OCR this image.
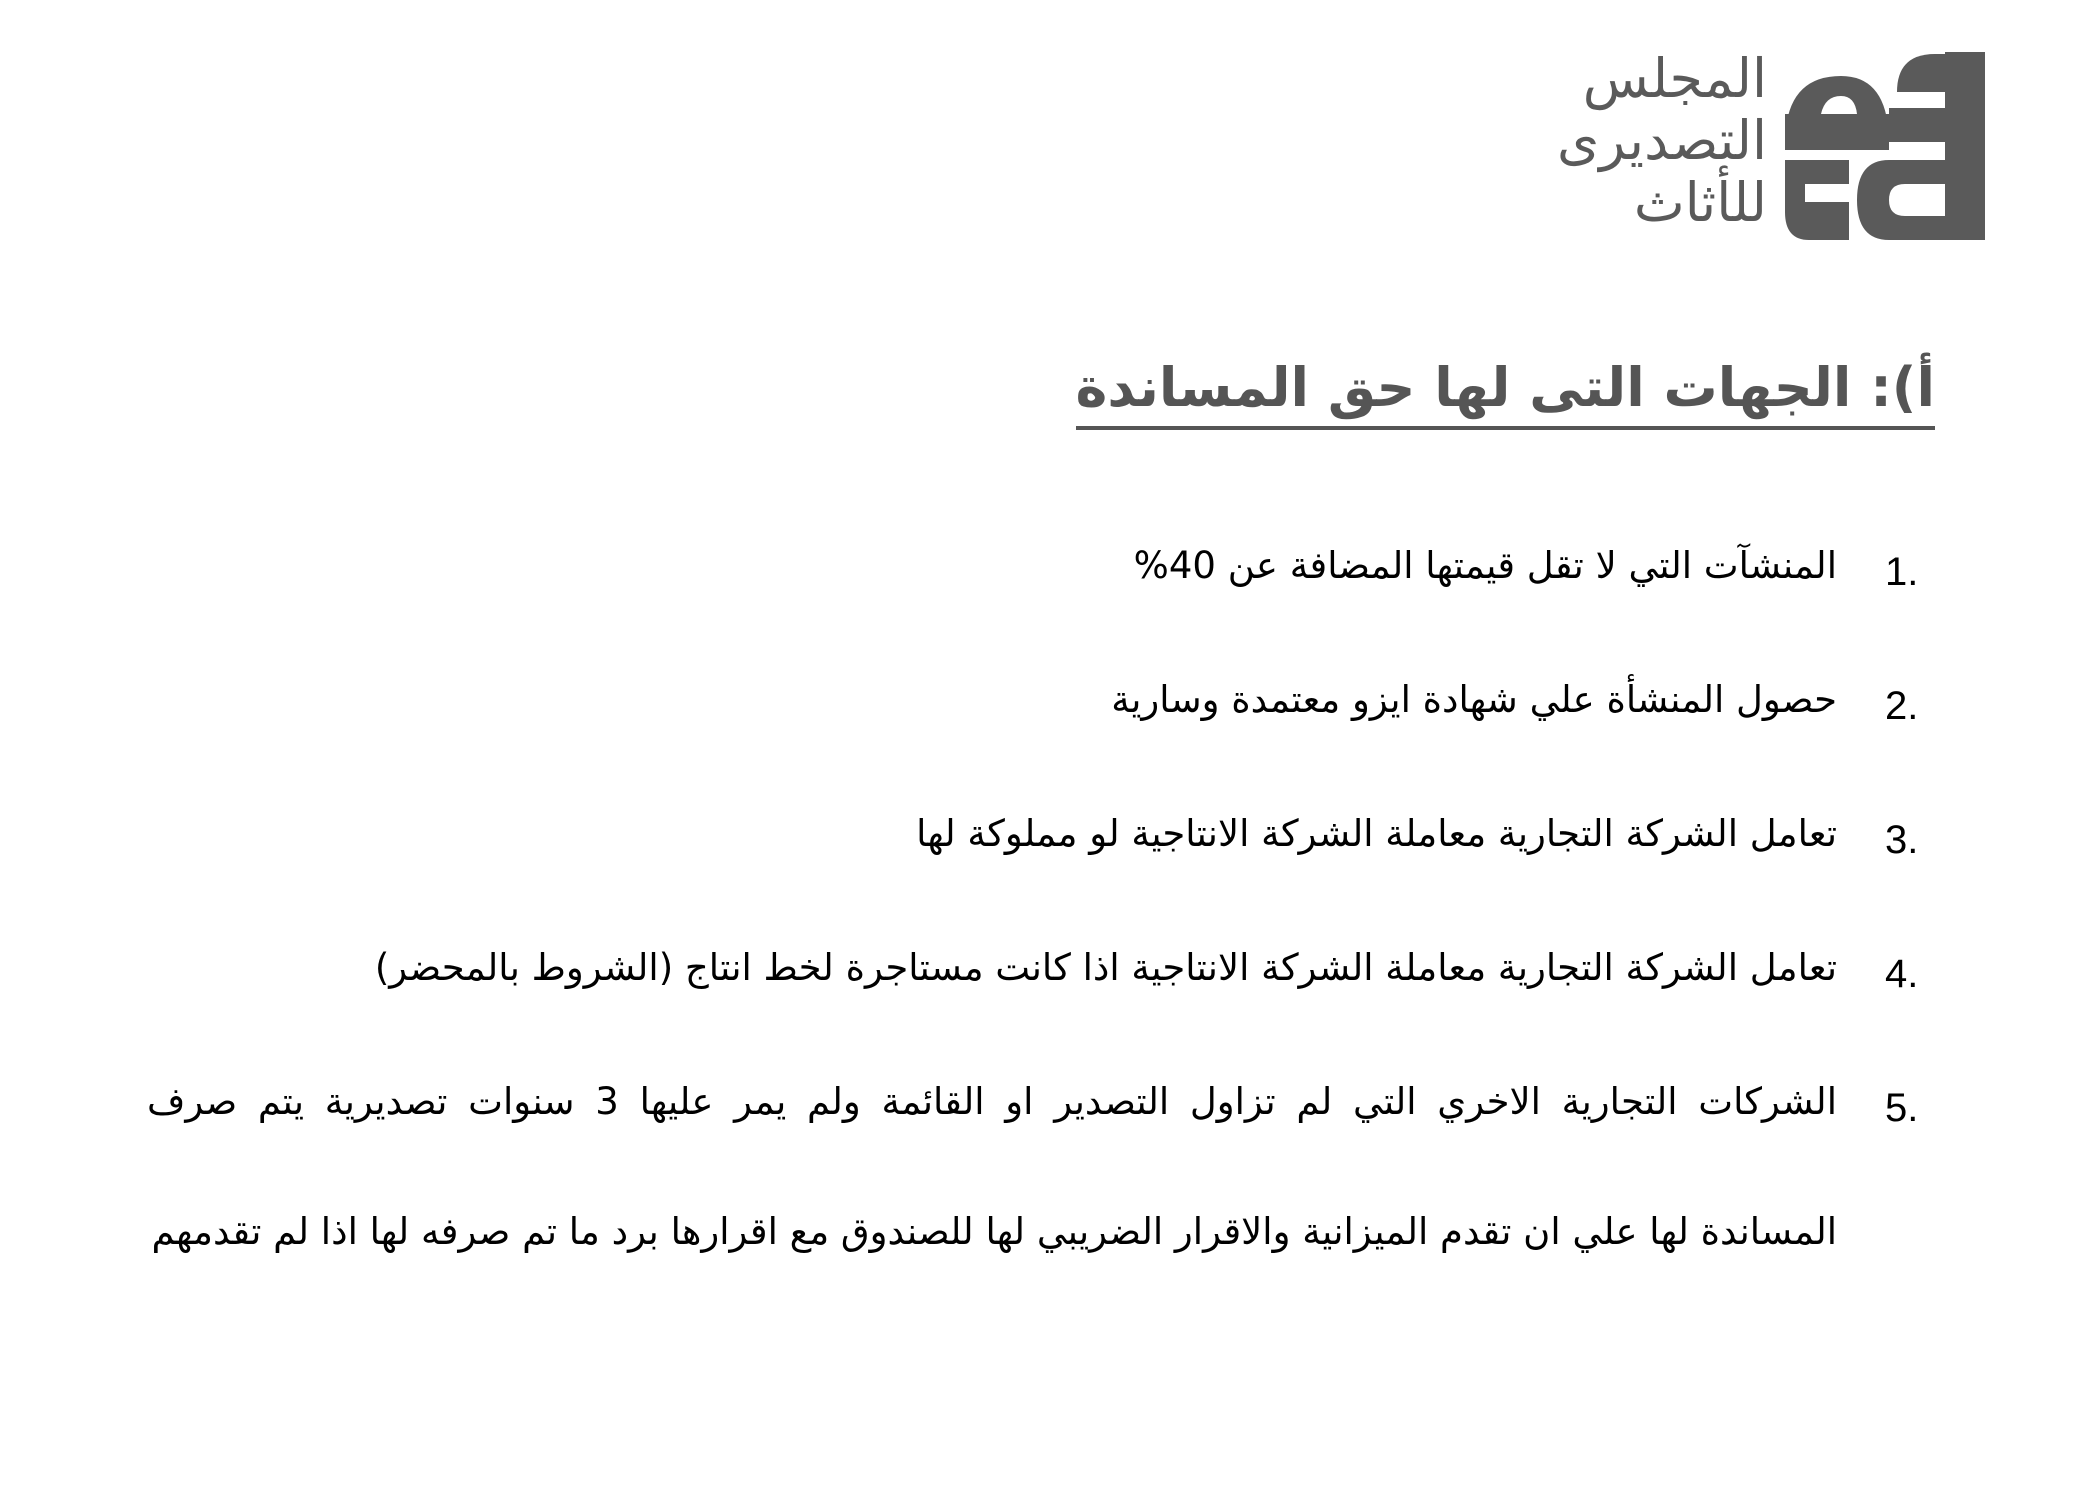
المجلس
التصديرى
للأثاث
أ): الجهات التى لها حق المساندة
1.
المنشآت التي لا تقل قيمتها المضافة عن 40%
2.
حصول المنشأة علي شهادة ايزو معتمدة وسارية
3.
تعامل الشركة التجارية معاملة الشركة الانتاجية لو مملوكة لها
4.
تعامل الشركة التجارية معاملة الشركة الانتاجية اذا كانت مستاجرة لخط انتاج (الشروط بالمحضر)
5.
الشركات التجارية الاخري التي لم تزاول التصدير او القائمة ولم يمر عليها 3 سنوات تصديرية يتم صرف المساندة لها علي ان تقدم الميزانية والاقرار الضريبي لها للصندوق مع اقرارها برد ما تم صرفه لها اذا لم تقدمهم
